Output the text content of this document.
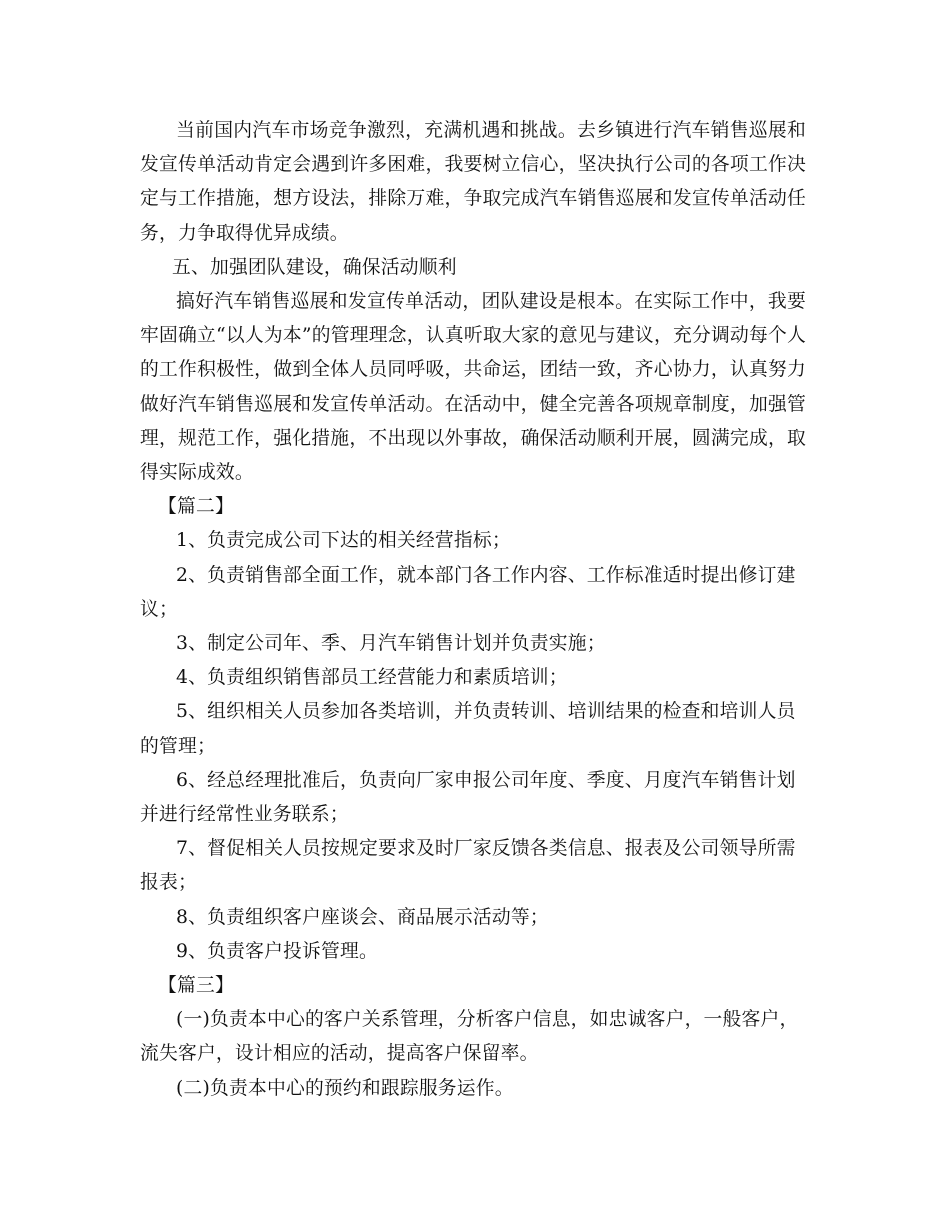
当前国内汽车市场竞争激烈，充满机遇和挑战。去乡镇进行汽车销售巡展和发宣传单活动肯定会遇到许多困难，我要树立信心，坚决执行公司的各项工作决定与工作措施，想方设法，排除万难，争取完成汽车销售巡展和发宣传单活动任务，力争取得优异成绩。

五、加强团队建设，确保活动顺利

搞好汽车销售巡展和发宣传单活动，团队建设是根本。在实际工作中，我要牢固确立“以人为本”的管理理念，认真听取大家的意见与建议，充分调动每个人的工作积极性，做到全体人员同呼吸，共命运，团结一致，齐心协力，认真努力做好汽车销售巡展和发宣传单活动。在活动中，健全完善各项规章制度，加强管理，规范工作，强化措施，不出现以外事故，确保活动顺利开展，圆满完成，取得实际成效。

【篇二】

1、负责完成公司下达的相关经营指标；

2、负责销售部全面工作，就本部门各工作内容、工作标准适时提出修订建议；

3、制定公司年、季、月汽车销售计划并负责实施；

4、负责组织销售部员工经营能力和素质培训；

5、组织相关人员参加各类培训，并负责转训、培训结果的检查和培训人员的管理；

6、经总经理批准后，负责向厂家申报公司年度、季度、月度汽车销售计划并进行经常性业务联系；

7、督促相关人员按规定要求及时厂家反馈各类信息、报表及公司领导所需报表；

8、负责组织客户座谈会、商品展示活动等；

9、负责客户投诉管理。

【篇三】

(一)负责本中心的客户关系管理，分析客户信息，如忠诚客户，一般客户，流失客户，设计相应的活动，提高客户保留率。

(二)负责本中心的预约和跟踪服务运作。
